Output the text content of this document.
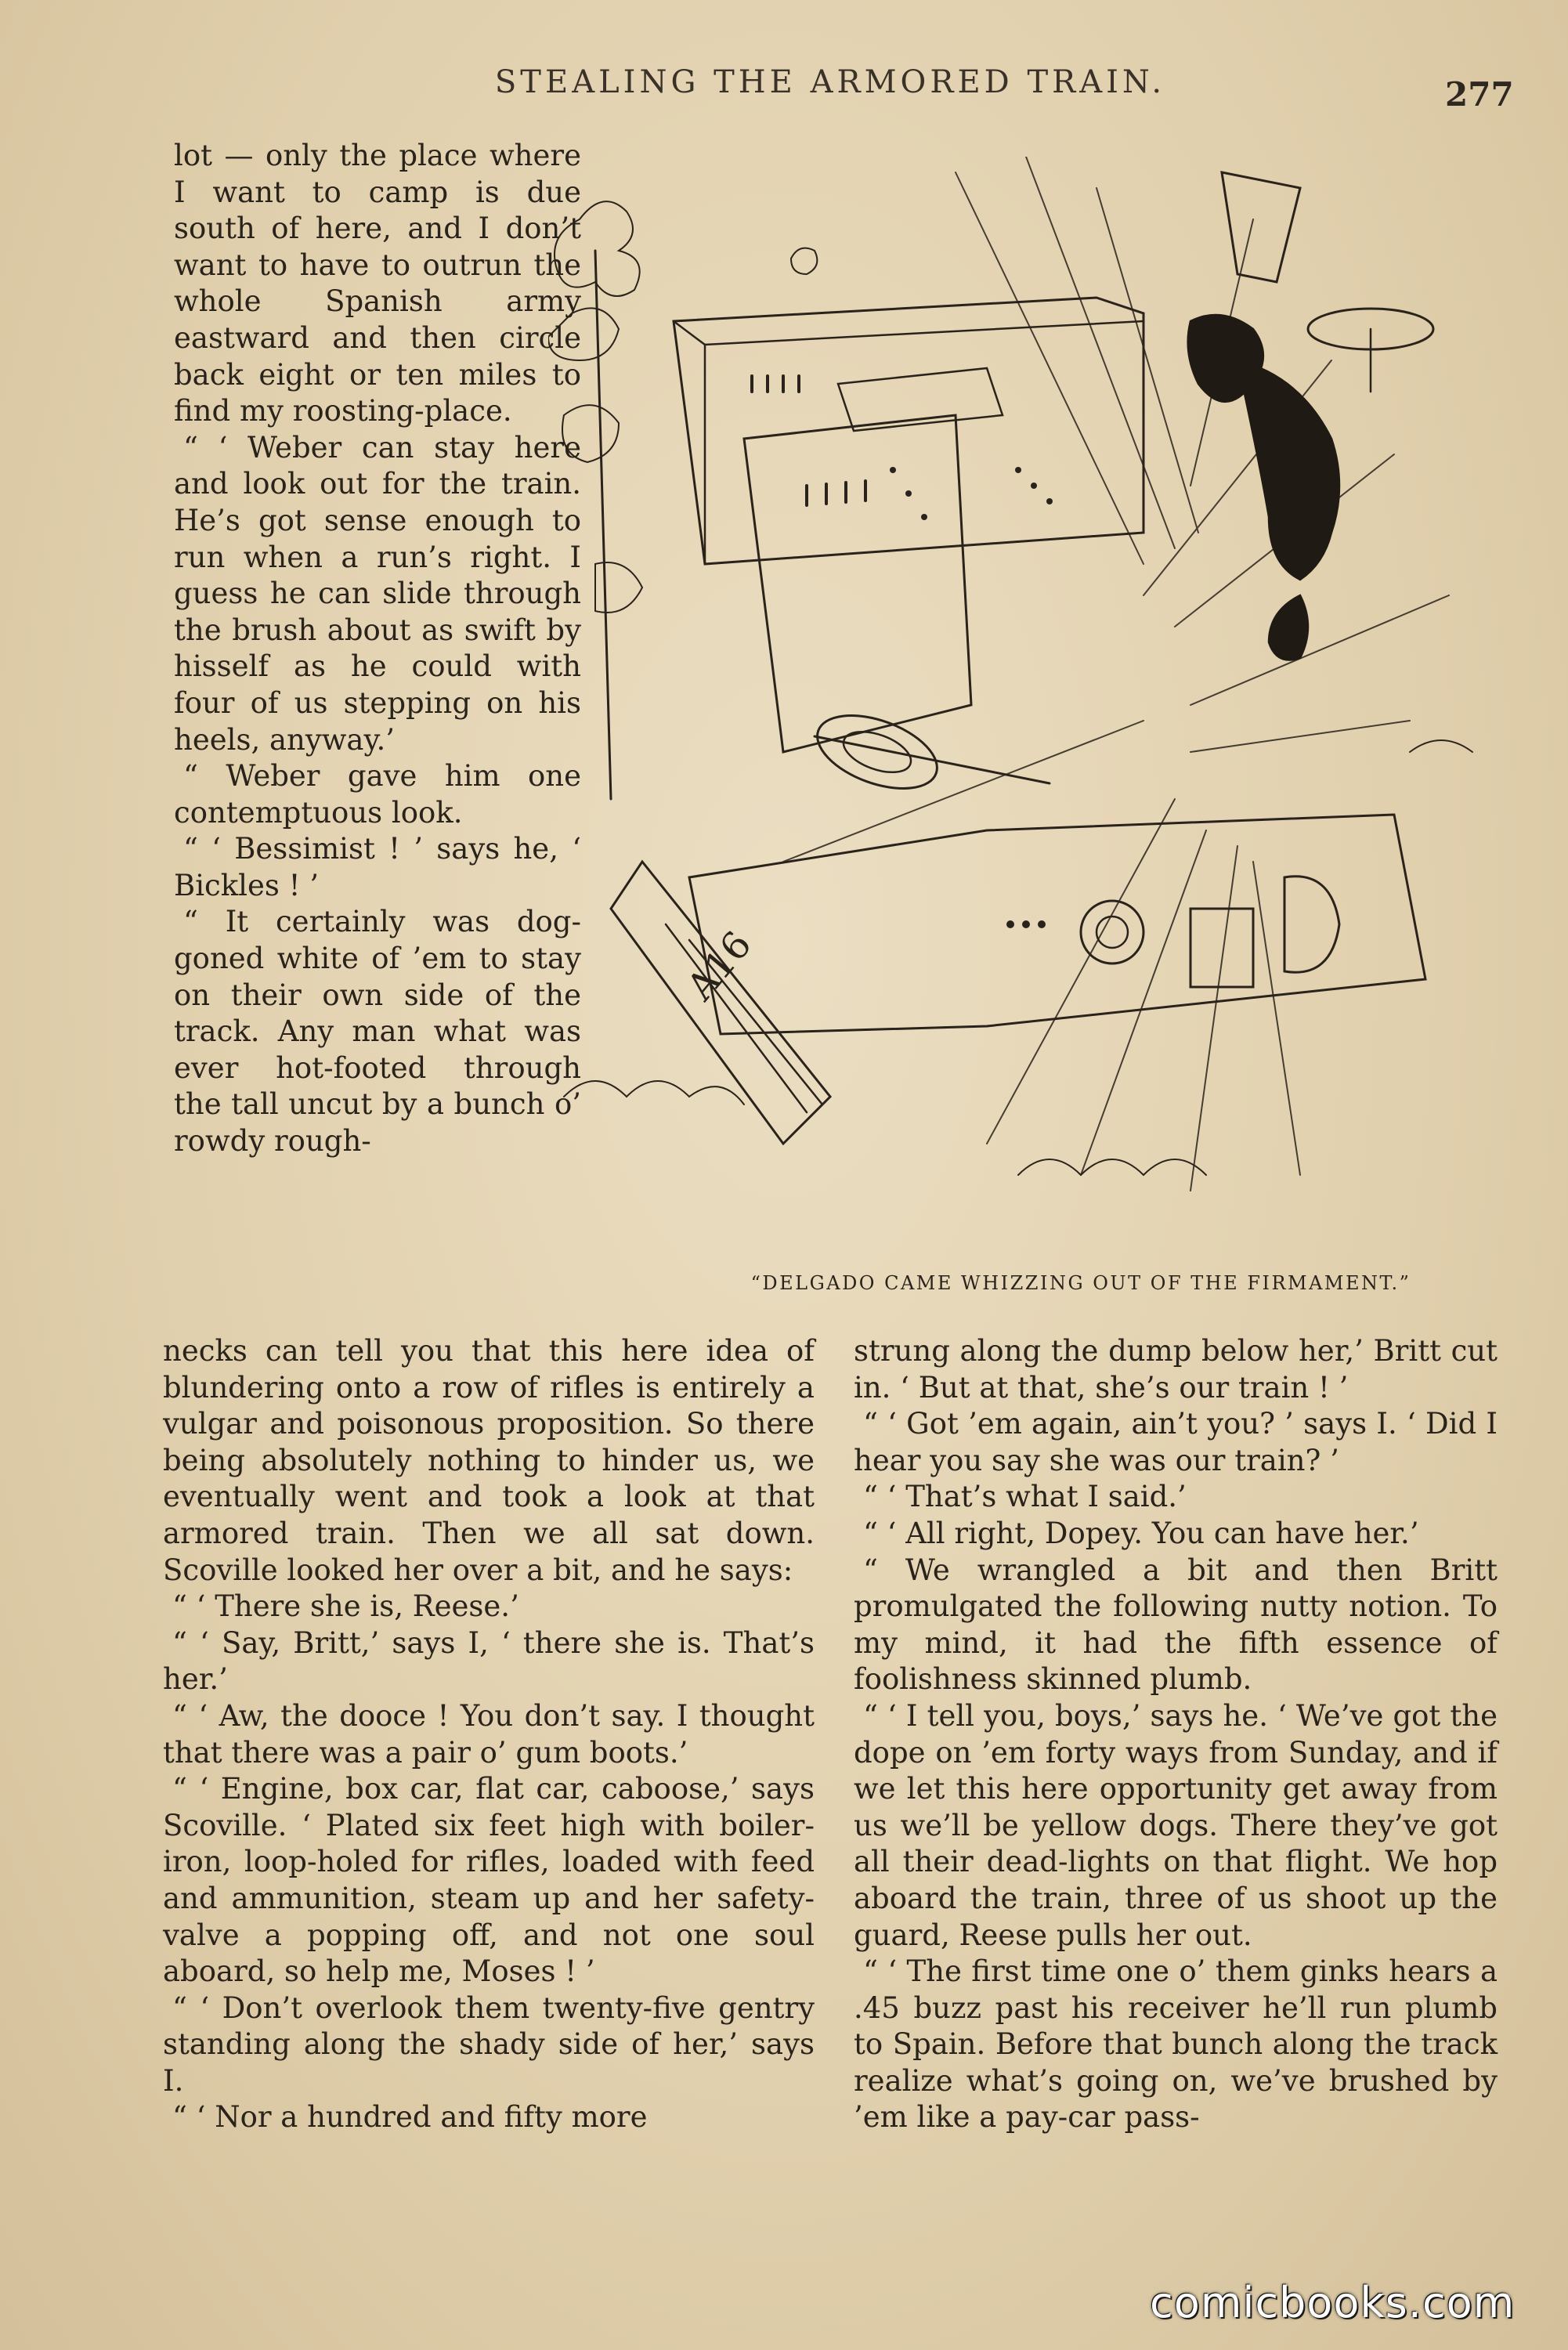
STEALING THE ARMORED TRAIN.	277

lot — only the place where I want to camp is due south of here, and I don’t want to have to outrun the whole Spanish army eastward and then circle back eight or ten miles to find my roosting-place.

“ ‘ Weber can stay here and look out for the train. He’s got sense enough to run when a run’s right. I guess he can slide through the brush about as swift by hisself as he could with four of us stepping on his heels, anyway.’

“ Weber gave him one contemptuous look.

“ ‘ Bessimist ! ’ says he, ‘ Bickles ! ’

“ It certainly was dog-goned white of ’em to stay on their own side of the track. Any man what was ever hot-footed through the tall uncut by a bunch o’ rowdy rough-

A16
“DELGADO CAME WHIZZING OUT OF THE FIRMAMENT.”

necks can tell you that this here idea of blundering onto a row of rifles is entirely a vulgar and poisonous proposition. So there being absolutely nothing to hinder us, we eventually went and took a look at that armored train. Then we all sat down. Scoville looked her over a bit, and he says:

“ ‘ There she is, Reese.’

“ ‘ Say, Britt,’ says I, ‘ there she is. That’s her.’

“ ‘ Aw, the dooce ! You don’t say. I thought that there was a pair o’ gum boots.’

“ ‘ Engine, box car, flat car, caboose,’ says Scoville. ‘ Plated six feet high with boiler-iron, loop-holed for rifles, loaded with feed and ammunition, steam up and her safety-valve a popping off, and not one soul aboard, so help me, Moses ! ’

“ ‘ Don’t overlook them twenty-five gentry standing along the shady side of her,’ says I.

“ ‘ Nor a hundred and fifty more

strung along the dump below her,’ Britt cut in. ‘ But at that, she’s our train ! ’

“ ‘ Got ’em again, ain’t you? ’ says I. ‘ Did I hear you say she was our train? ’

“ ‘ That’s what I said.’

“ ‘ All right, Dopey. You can have her.’

“ We wrangled a bit and then Britt promulgated the following nutty notion. To my mind, it had the fifth essence of foolishness skinned plumb.

“ ‘ I tell you, boys,’ says he. ‘ We’ve got the dope on ’em forty ways from Sunday, and if we let this here opportunity get away from us we’ll be yellow dogs. There they’ve got all their dead-lights on that flight. We hop aboard the train, three of us shoot up the guard, Reese pulls her out.

“ ‘ The first time one o’ them ginks hears a .45 buzz past his receiver he’ll run plumb to Spain. Before that bunch along the track realize what’s going on, we’ve brushed by ’em like a pay-car pass-

comicbooks.com
